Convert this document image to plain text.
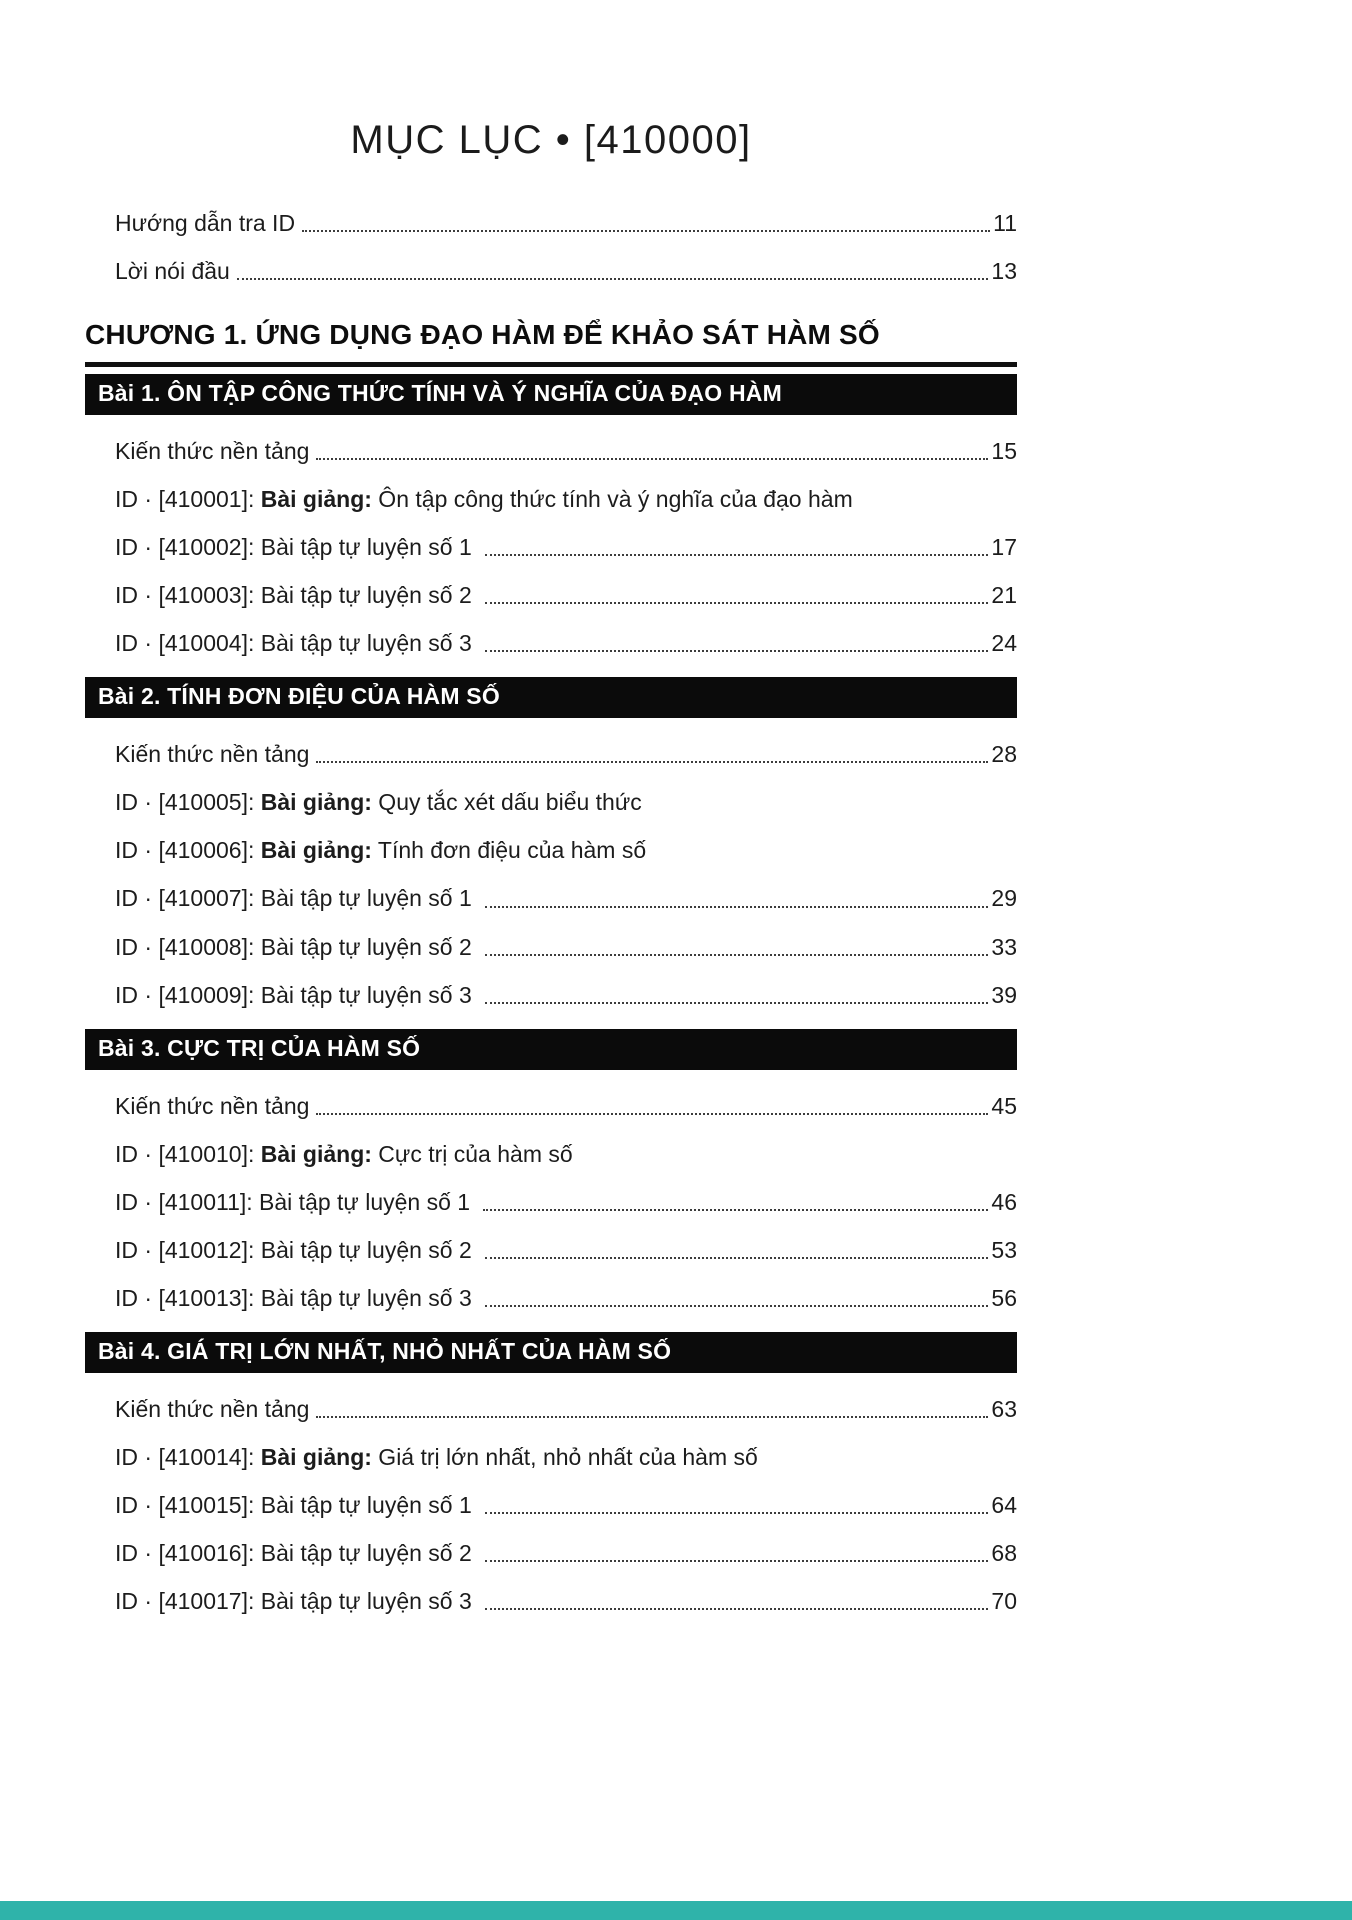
MỤC LỤC • [410000]
Hướng dẫn tra ID	11
Lời nói đầu	13
CHƯƠNG 1. ỨNG DỤNG ĐẠO HÀM ĐỂ KHẢO SÁT HÀM SỐ
Bài 1. ÔN TẬP CÔNG THỨC TÍNH VÀ Ý NGHĨA CỦA ĐẠO HÀM
Kiến thức nền tảng	15
ID · [410001]: Bài giảng: Ôn tập công thức tính và ý nghĩa của đạo hàm
ID · [410002]: Bài tập tự luyện số 1	17
ID · [410003]: Bài tập tự luyện số 2	21
ID · [410004]: Bài tập tự luyện số 3	24
Bài 2. TÍNH ĐƠN ĐIỆU CỦA HÀM SỐ
Kiến thức nền tảng	28
ID · [410005]: Bài giảng: Quy tắc xét dấu biểu thức
ID · [410006]: Bài giảng: Tính đơn điệu của hàm số
ID · [410007]: Bài tập tự luyện số 1	29
ID · [410008]: Bài tập tự luyện số 2	33
ID · [410009]: Bài tập tự luyện số 3	39
Bài 3. CỰC TRỊ CỦA HÀM SỐ
Kiến thức nền tảng	45
ID · [410010]: Bài giảng: Cực trị của hàm số
ID · [410011]: Bài tập tự luyện số 1	46
ID · [410012]: Bài tập tự luyện số 2	53
ID · [410013]: Bài tập tự luyện số 3	56
Bài 4. GIÁ TRỊ LỚN NHẤT, NHỎ NHẤT CỦA HÀM SỐ
Kiến thức nền tảng	63
ID · [410014]: Bài giảng: Giá trị lớn nhất, nhỏ nhất của hàm số
ID · [410015]: Bài tập tự luyện số 1	64
ID · [410016]: Bài tập tự luyện số 2	68
ID · [410017]: Bài tập tự luyện số 3	70
